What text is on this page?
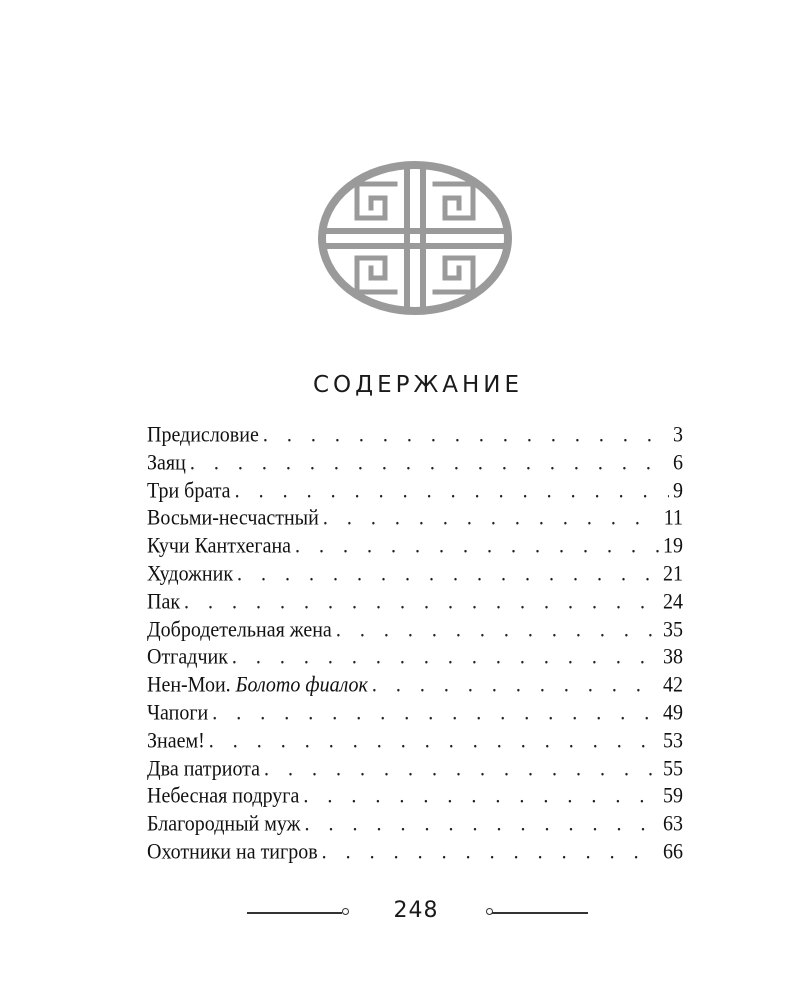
СОДЕРЖАНИЕ
Предисловие . . .	3
Заяц . . .	6
Три брата . . .	9
Восьми-несчастный . . .	11
Кучи Кантхегана . . .	19
Художник . . .	21
Пак . . .	24
Добродетельная жена . . .	35
Отгадчик . . .	38
Нен-Мои. Болото фиалок . . .	42
Чапоги . . .	49
Знаем! . . .	53
Два патриота . . .	55
Небесная подруга . . .	59
Благородный муж . . .	63
Охотники на тигров . . .	66
248
